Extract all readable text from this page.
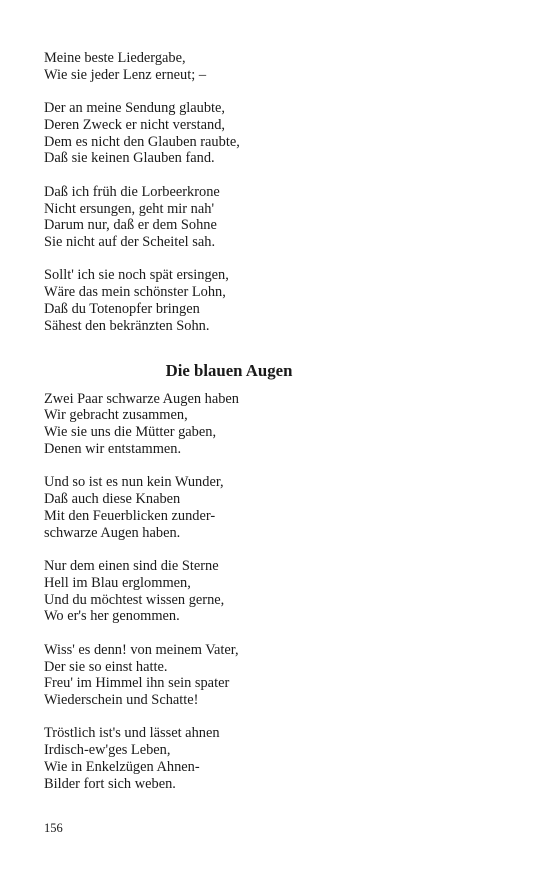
Meine beste Liedergabe,
Wie sie jeder Lenz erneut; –
Der an meine Sendung glaubte,
Deren Zweck er nicht verstand,
Dem es nicht den Glauben raubte,
Daß sie keinen Glauben fand.
Daß ich früh die Lorbeerkrone
Nicht ersungen, geht mir nah'
Darum nur, daß er dem Sohne
Sie nicht auf der Scheitel sah.
Sollt' ich sie noch spät ersingen,
Wäre das mein schönster Lohn,
Daß du Totenopfer bringen
Sähest den bekränzten Sohn.
Die blauen Augen
Zwei Paar schwarze Augen haben
Wir gebracht zusammen,
Wie sie uns die Mütter gaben,
Denen wir entstammen.
Und so ist es nun kein Wunder,
Daß auch diese Knaben
Mit den Feuerblicken zunder-
schwarze Augen haben.
Nur dem einen sind die Sterne
Hell im Blau erglommen,
Und du möchtest wissen gerne,
Wo er's her genommen.
Wiss' es denn! von meinem Vater,
Der sie so einst hatte.
Freu' im Himmel ihn sein spater
Wiederschein und Schatte!
Tröstlich ist's und lässet ahnen
Irdisch-ew'ges Leben,
Wie in Enkelzügen Ahnen-
Bilder fort sich weben.
156
